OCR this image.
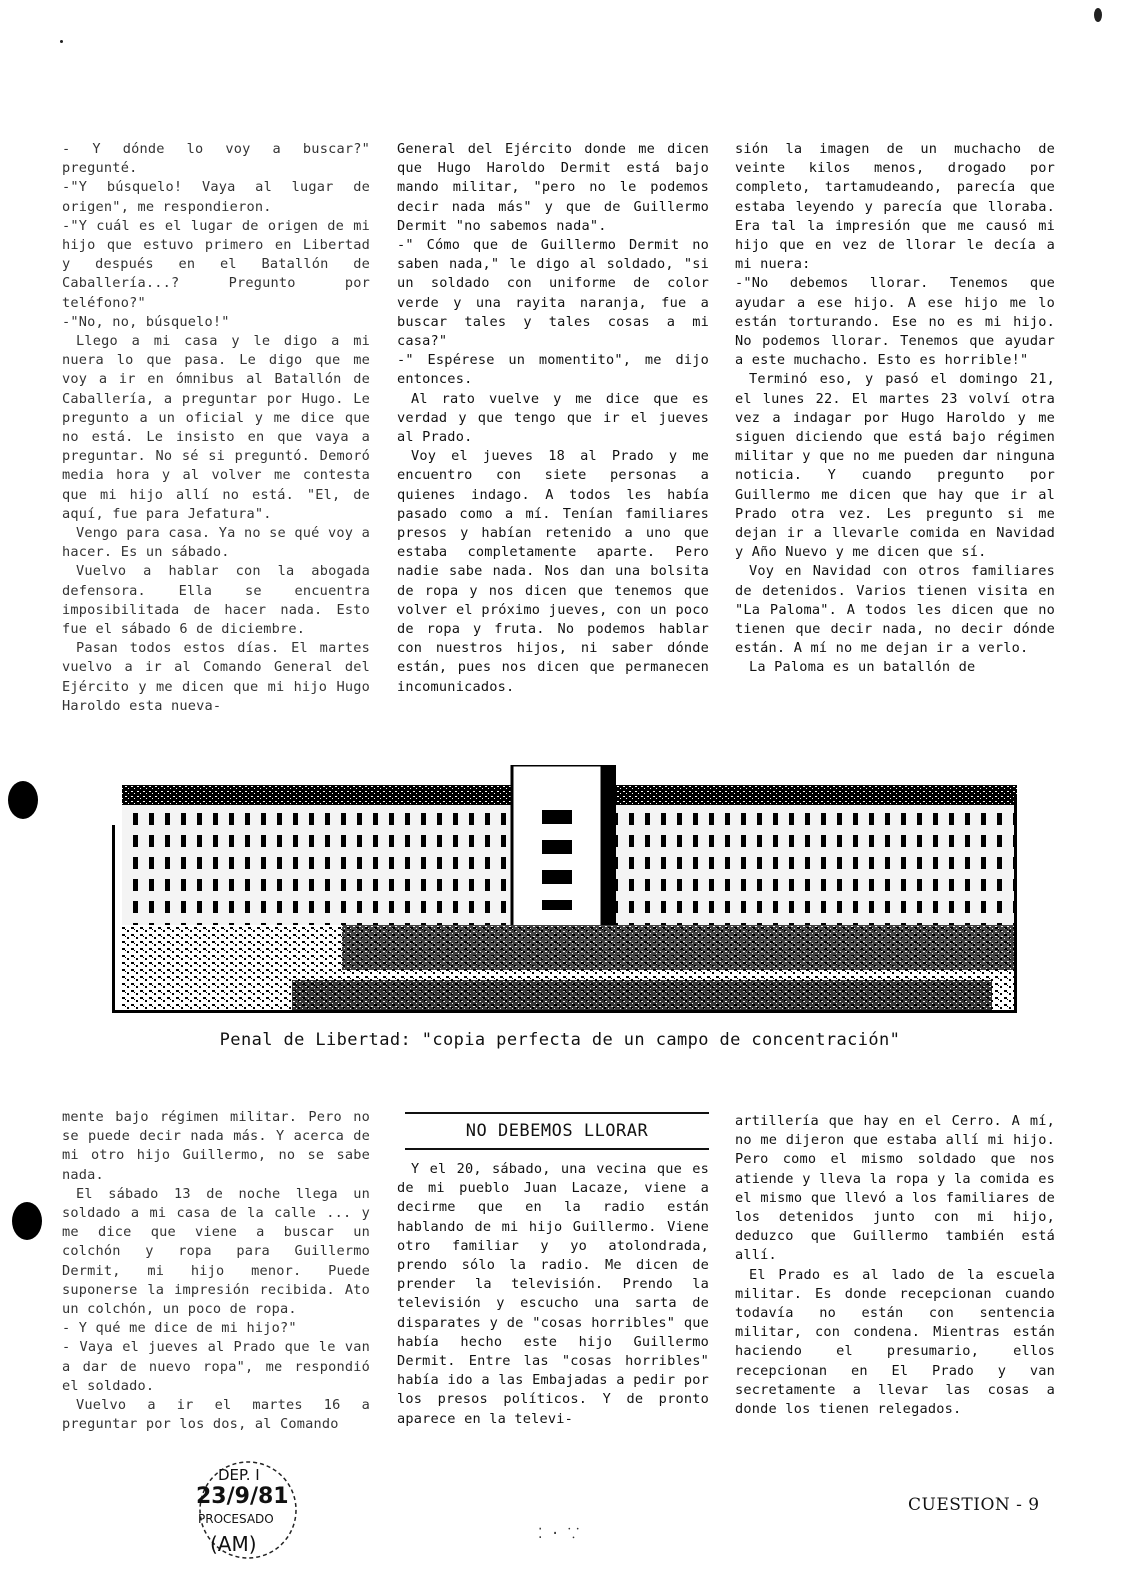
- Y dónde lo voy a buscar?" pregunté.

-"Y búsquelo! Vaya al lugar de origen", me respondieron.

-"Y cuál es el lugar de origen de mi hijo que estuvo primero en Libertad y después en el Batallón de Caballería...? Pregunto por teléfono?"

-"No, no, búsquelo!"

Llego a mi casa y le digo a mi nuera lo que pasa. Le digo que me voy a ir en ómnibus al Batallón de Caballería, a preguntar por Hugo. Le pregunto a un oficial y me dice que no está. Le insisto en que vaya a preguntar. No sé si preguntó. Demoró media hora y al volver me contesta que mi hijo allí no está. "El, de aquí, fue para Jefatura".

Vengo para casa. Ya no se qué voy a hacer. Es un sábado.

Vuelvo a hablar con la abogada defensora. Ella se encuentra imposibilitada de hacer nada. Esto fue el sábado 6 de diciembre.

Pasan todos estos días. El martes vuelvo a ir al Comando General del Ejército y me dicen que mi hijo Hugo Haroldo esta nueva-

General del Ejército donde me dicen que Hugo Haroldo Dermit está bajo mando militar, "pero no le podemos decir nada más" y que de Guillermo Dermit "no sabemos nada".

-" Cómo que de Guillermo Dermit no saben nada," le digo al soldado, "si un soldado con uniforme de color verde y una rayita naranja, fue a buscar tales y tales cosas a mi casa?"

-" Espérese un momentito", me dijo entonces.

Al rato vuelve y me dice que es verdad y que tengo que ir el jueves al Prado.

Voy el jueves 18 al Prado y me encuentro con siete personas a quienes indago. A todos les había pasado como a mí. Tenían familiares presos y habían retenido a uno que estaba completamente aparte. Pero nadie sabe nada. Nos dan una bolsita de ropa y nos dicen que tenemos que volver el próximo jueves, con un poco de ropa y fruta. No podemos hablar con nuestros hijos, ni saber dónde están, pues nos dicen que permanecen incomunicados.

sión la imagen de un muchacho de veinte kilos menos, drogado por completo, tartamudeando, parecía que estaba leyendo y parecía que lloraba. Era tal la impresión que me causó mi hijo que en vez de llorar le decía a mi nuera:

-"No debemos llorar. Tenemos que ayudar a ese hijo. A ese hijo me lo están torturando. Ese no es mi hijo. No podemos llorar. Tenemos que ayudar a este muchacho. Esto es horrible!"

Terminó eso, y pasó el domingo 21, el lunes 22. El martes 23 volví otra vez a indagar por Hugo Haroldo y me siguen diciendo que está bajo régimen militar y que no me pueden dar ninguna noticia. Y cuando pregunto por Guillermo me dicen que hay que ir al Prado otra vez. Les pregunto si me dejan ir a llevarle comida en Navidad y Año Nuevo y me dicen que sí.

Voy en Navidad con otros familiares de detenidos. Varios tienen visita en "La Paloma". A todos les dicen que no tienen que decir nada, no decir dónde están. A mí no me dejan ir a verlo.

La Paloma es un batallón de

Penal de Libertad: "copia perfecta de un campo de concentración"

mente bajo régimen militar. Pero no se puede decir nada más. Y acerca de mi otro hijo Guillermo, no se sabe nada.

El sábado 13 de noche llega un soldado a mi casa de la calle ... y me dice que viene a buscar un colchón y ropa para Guillermo Dermit, mi hijo menor. Puede suponerse la impresión recibida. Ato un colchón, un poco de ropa.

- Y qué me dice de mi hijo?"

- Vaya el jueves al Prado que le van a dar de nuevo ropa", me respondió el soldado.

Vuelvo a ir el martes 16 a preguntar por los dos, al Comando

NO DEBEMOS LLORAR

Y el 20, sábado, una vecina que es de mi pueblo Juan Lacaze, viene a decirme que en la radio están hablando de mi hijo Guillermo. Viene otro familiar y yo atolondrada, prendo sólo la radio. Me dicen de prender la televisión. Prendo la televisión y escucho una sarta de disparates y de "cosas horribles" que había hecho este hijo Guillermo Dermit. Entre las "cosas horribles" había ido a las Embajadas a pedir por los presos políticos. Y de pronto aparece en la televi-

artillería que hay en el Cerro. A mí, no me dijeron que estaba allí mi hijo. Pero como el mismo soldado que nos atiende y lleva la ropa y la comida es el mismo que llevó a los familiares de los detenidos junto con mi hijo, deduzco que Guillermo también está allí.

El Prado es al lado de la escuela militar. Es donde recepcionan cuando todavía no están con sentencia militar, con condena. Mientras están haciendo el presumario, ellos recepcionan en El Prado y van secretamente a llevar las cosas a donde los tienen relegados.

DEP. I
23/9/81
PROCESADO
(AM)
CUESTION - 9
⁚ · ⸪
